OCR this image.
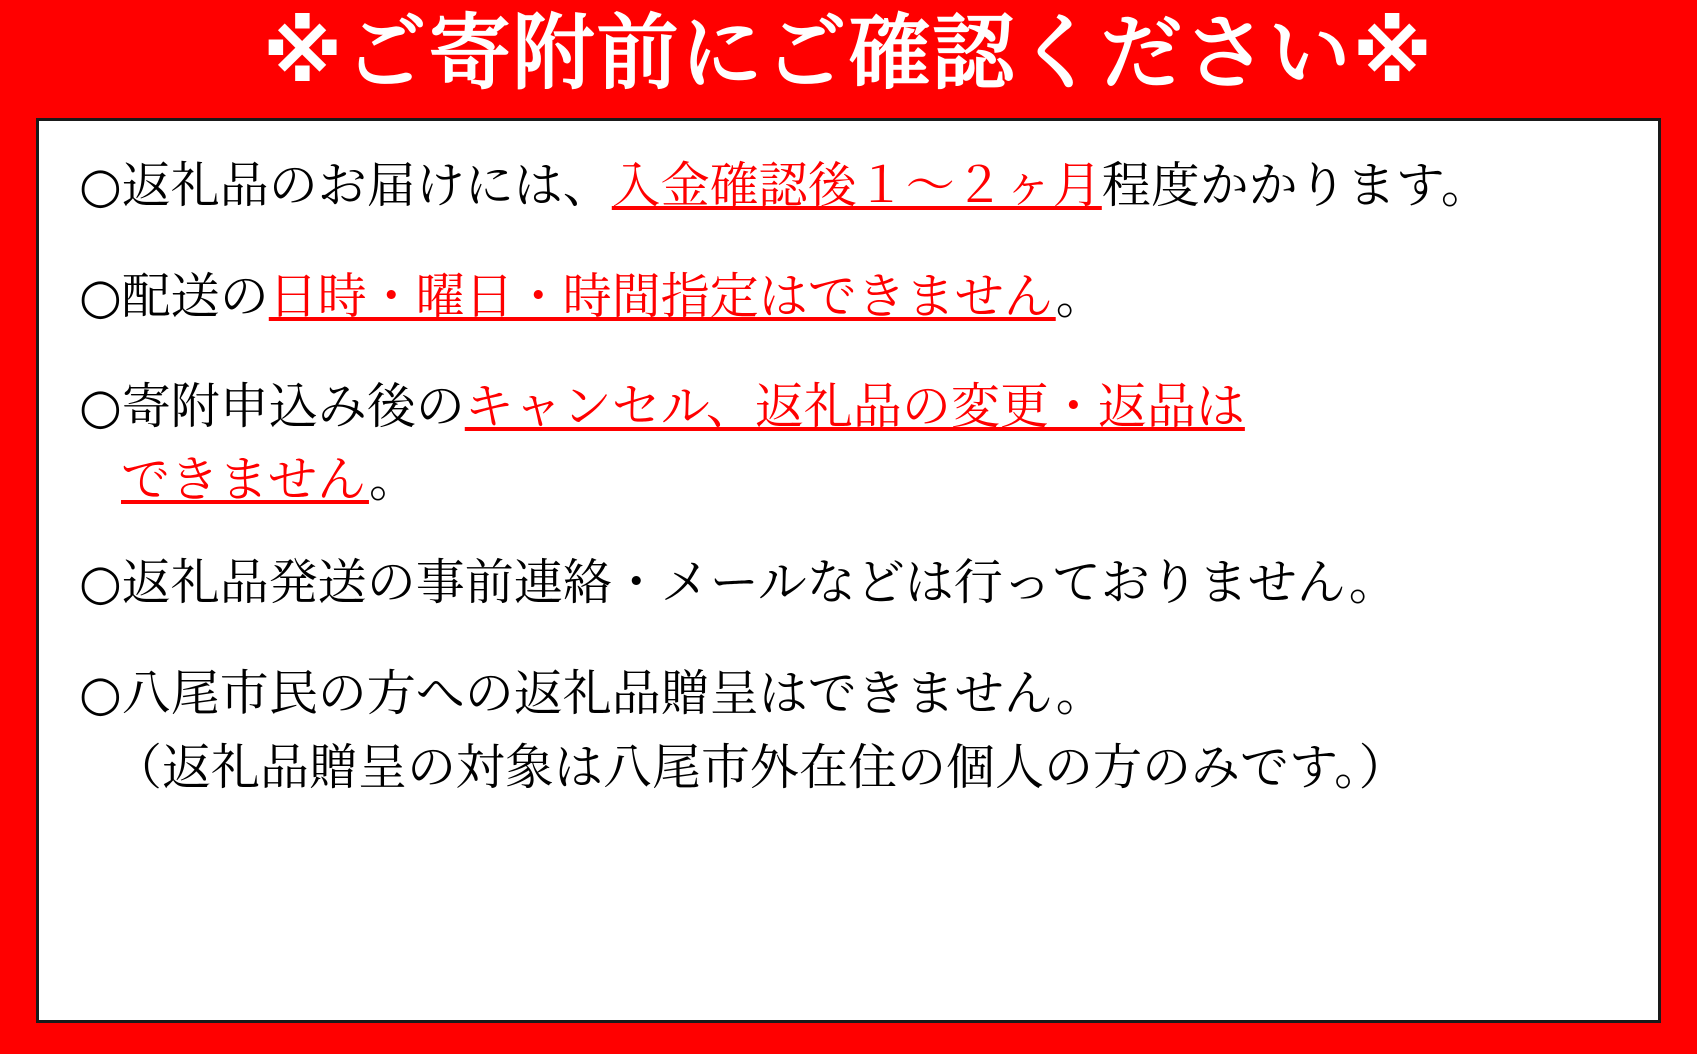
※ご寄附前にご確認ください※
○返礼品のお届けには、入金確認後１～２ヶ月程度かかります。
○配送の日時・曜日・時間指定はできません。
○寄附申込み後のキャンセル、返礼品の変更・返品は
できません。
○返礼品発送の事前連絡・メールなどは行っておりません。
○八尾市民の方への返礼品贈呈はできません。
（返礼品贈呈の対象は八尾市外在住の個人の方のみです。）
